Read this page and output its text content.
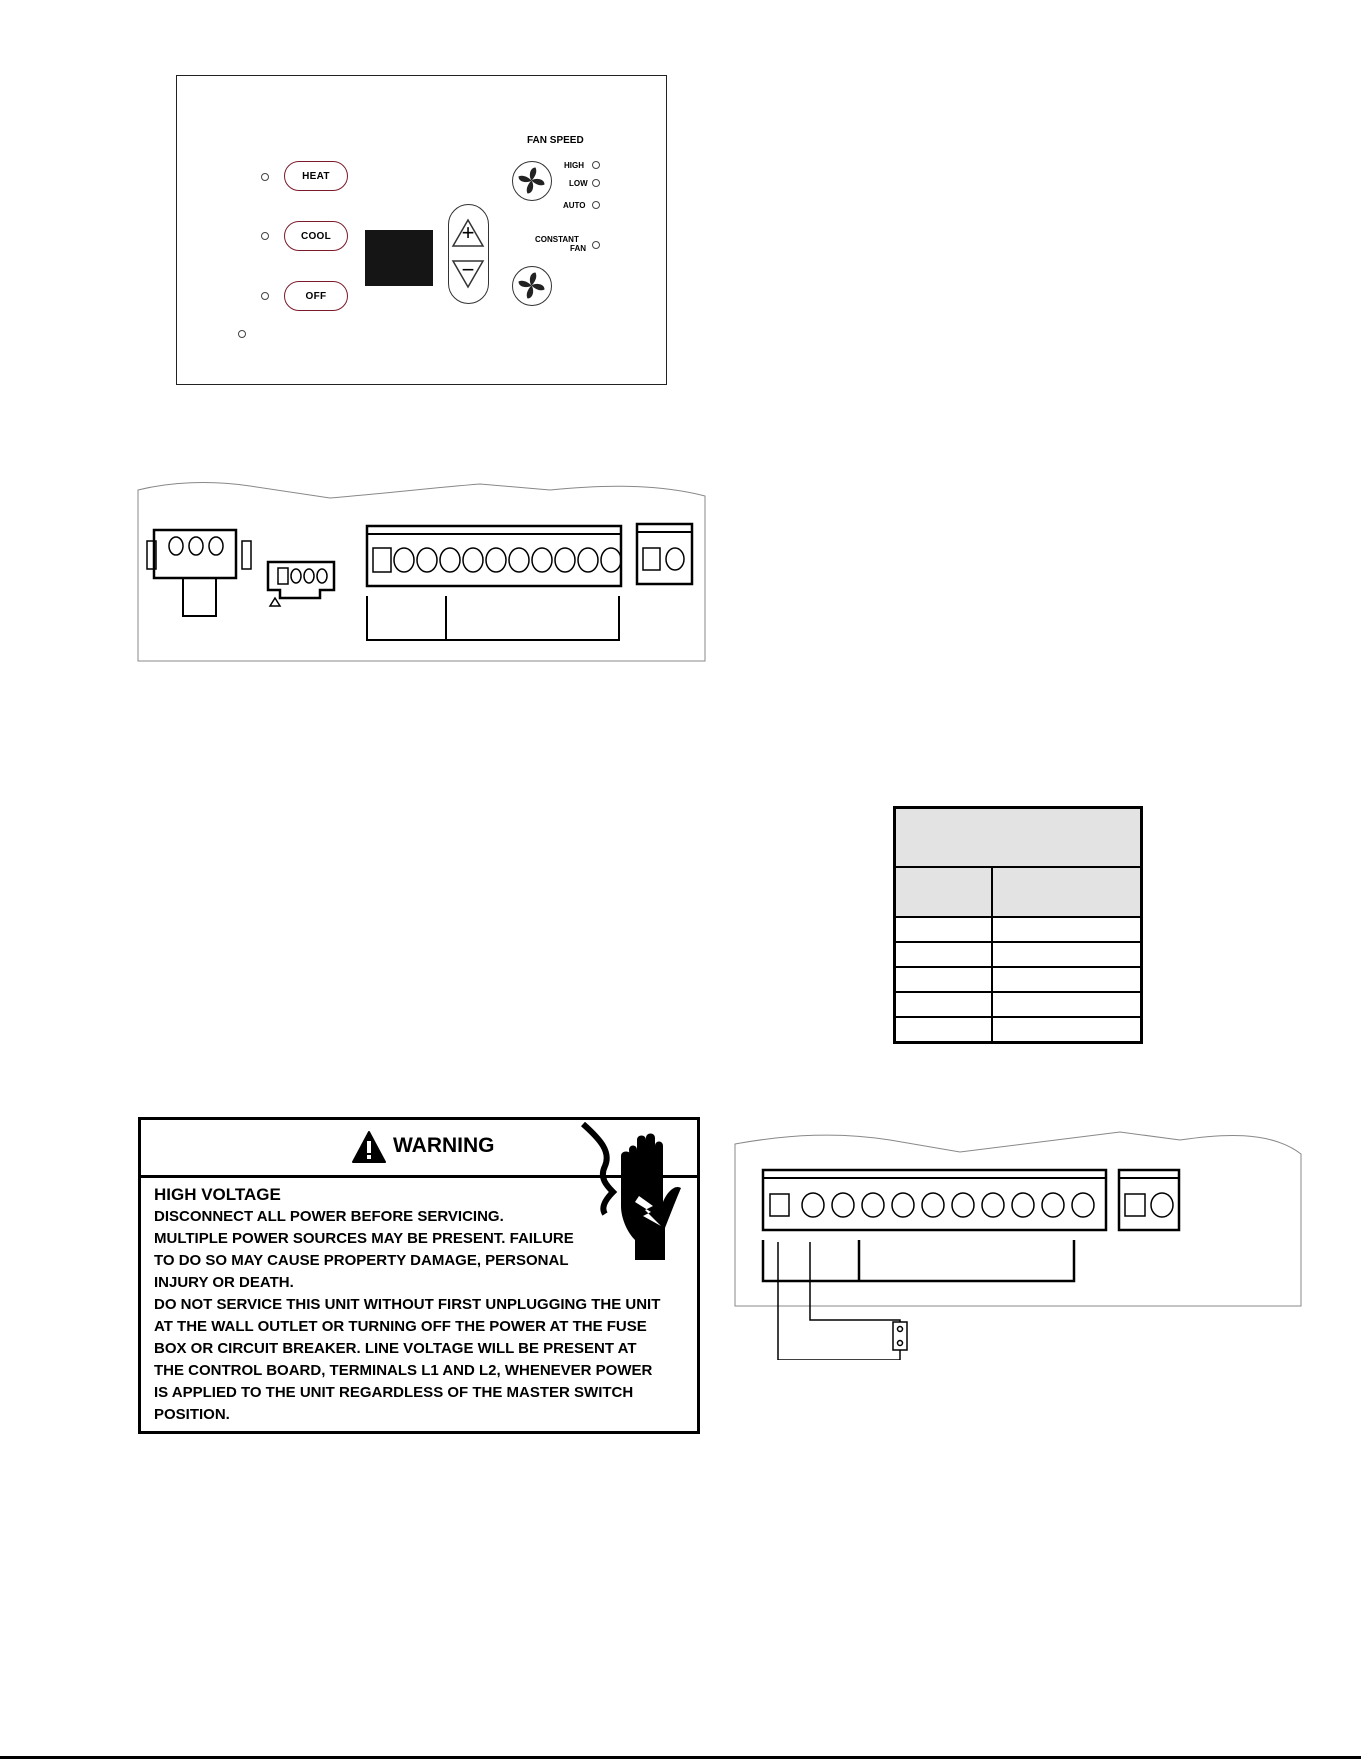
HEAT
COOL
OFF
+
−
FAN SPEED
HIGH
LOW
AUTO
CONSTANT
FAN
WARNING
HIGH VOLTAGE
DISCONNECT ALL POWER BEFORE SERVICING.
MULTIPLE POWER SOURCES MAY BE PRESENT. FAILURE
TO DO SO MAY CAUSE PROPERTY DAMAGE, PERSONAL
INJURY OR DEATH.
DO NOT SERVICE THIS UNIT WITHOUT FIRST UNPLUGGING THE UNIT
AT THE WALL OUTLET OR TURNING OFF THE POWER AT THE FUSE
BOX OR CIRCUIT BREAKER. LINE VOLTAGE WILL BE PRESENT AT
THE CONTROL BOARD, TERMINALS L1 AND L2, WHENEVER POWER
IS APPLIED TO THE UNIT REGARDLESS OF THE MASTER SWITCH
POSITION.
